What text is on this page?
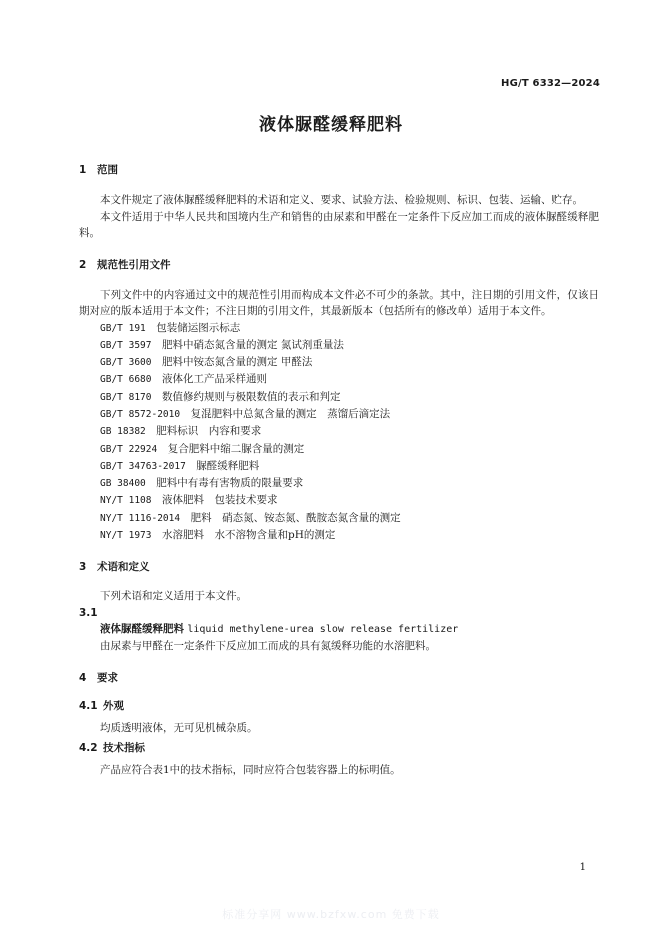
HG/T 6332—2024
液体脲醛缓释肥料
1 范围
本文件规定了液体脲醛缓释肥料的术语和定义、要求、试验方法、检验规则、标识、包装、运输、贮存。
本文件适用于中华人民共和国境内生产和销售的由尿素和甲醛在一定条件下反应加工而成的液体脲醛缓释肥料。
2 规范性引用文件
下列文件中的内容通过文中的规范性引用而构成本文件必不可少的条款。其中，注日期的引用文件，仅该日期对应的版本适用于本文件；不注日期的引用文件，其最新版本（包括所有的修改单）适用于本文件。
GB/T 191　 包装储运图示标志
GB/T 3597　 肥料中硝态氮含量的测定 氮试剂重量法
GB/T 3600　 肥料中铵态氮含量的测定 甲醛法
GB/T 6680　 液体化工产品采样通则
GB/T 8170　 数值修约规则与极限数值的表示和判定
GB/T 8572-2010　 复混肥料中总氮含量的测定　蒸馏后滴定法
GB 18382　 肥料标识　内容和要求
GB/T 22924　 复合肥料中缩二脲含量的测定
GB/T 34763-2017　 脲醛缓释肥料
GB 38400　 肥料中有毒有害物质的限量要求
NY/T 1108　 液体肥料　包装技术要求
NY/T 1116-2014　 肥料　硝态氮、铵态氮、酰胺态氮含量的测定
NY/T 1973　 水溶肥料　水不溶物含量和pH的测定
3 术语和定义
下列术语和定义适用于本文件。
3.1
液体脲醛缓释肥料 liquid methylene-urea slow release fertilizer
由尿素与甲醛在一定条件下反应加工而成的具有氮缓释功能的水溶肥料。
4 要求
4.1 外观
均质透明液体，无可见机械杂质。
4.2 技术指标
产品应符合表1中的技术指标，同时应符合包装容器上的标明值。
1
标准分享网 www.bzfxw.com 免费下载
